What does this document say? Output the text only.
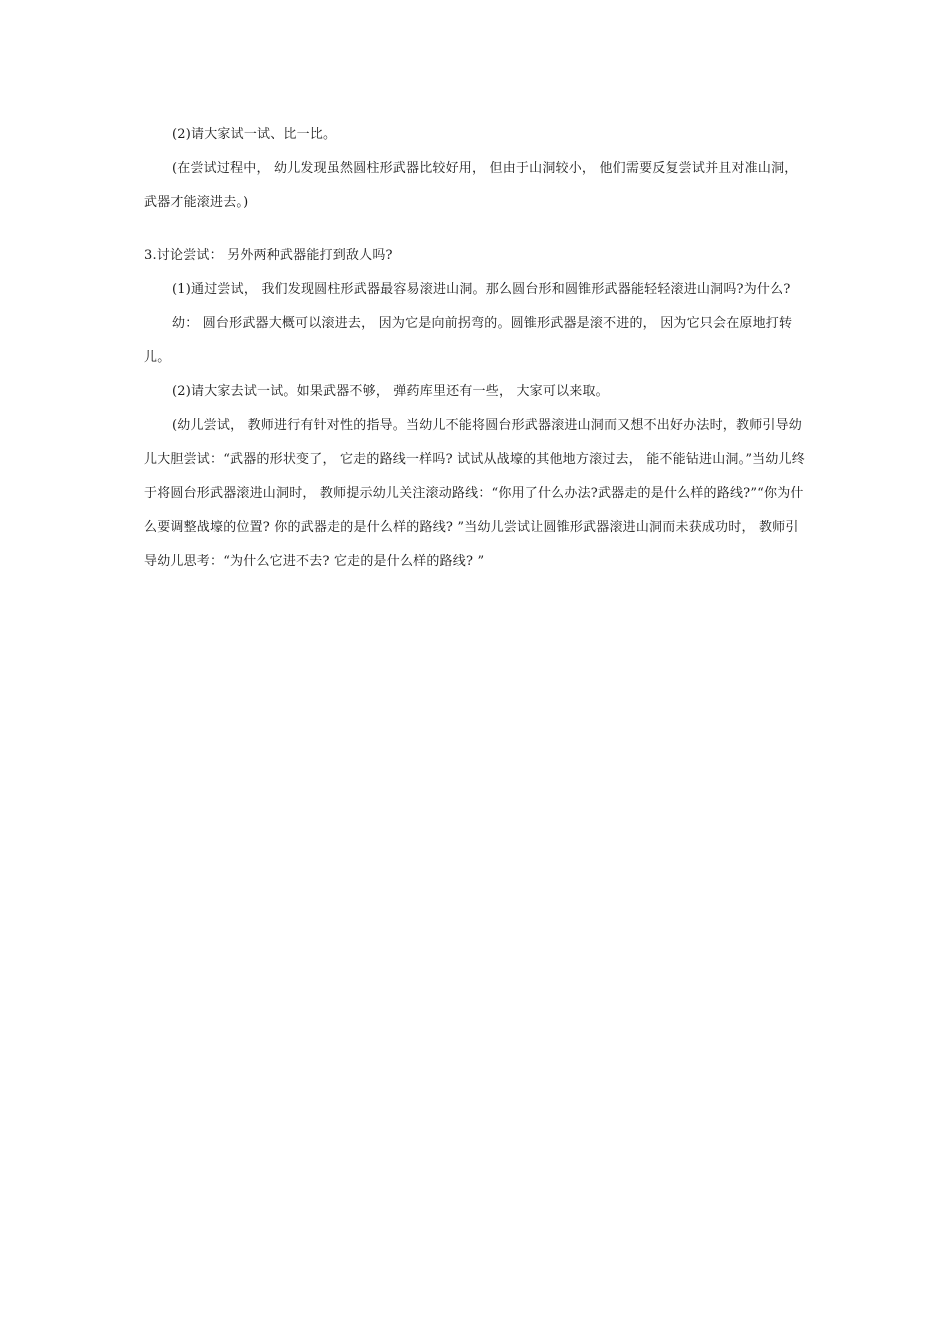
(2)请大家试一试、比一比。

(在尝试过程中， 幼儿发现虽然圆柱形武器比较好用， 但由于山洞较小， 他们需要反复尝试并且对准山洞， 武器才能滚进去。)

3.讨论尝试： 另外两种武器能打到敌人吗?

(1)通过尝试， 我们发现圆柱形武器最容易滚进山洞。那么圆台形和圆锥形武器能轻轻滚进山洞吗?为什么?

幼： 圆台形武器大概可以滚进去， 因为它是向前拐弯的。圆锥形武器是滚不进的， 因为它只会在原地打转儿。

(2)请大家去试一试。如果武器不够， 弹药库里还有一些， 大家可以来取。

(幼儿尝试， 教师进行有针对性的指导。当幼儿不能将圆台形武器滚进山洞而又想不出好办法时，教师引导幼儿大胆尝试：“武器的形状变了， 它走的路线一样吗? 试试从战壕的其他地方滚过去， 能不能钻进山洞。”当幼儿终于将圆台形武器滚进山洞时， 教师提示幼儿关注滚动路线：“你用了什么办法?武器走的是什么样的路线?”“你为什么要调整战壕的位置? 你的武器走的是什么样的路线? ”当幼儿尝试让圆锥形武器滚进山洞而未获成功时， 教师引导幼儿思考：“为什么它进不去? 它走的是什么样的路线? ”
